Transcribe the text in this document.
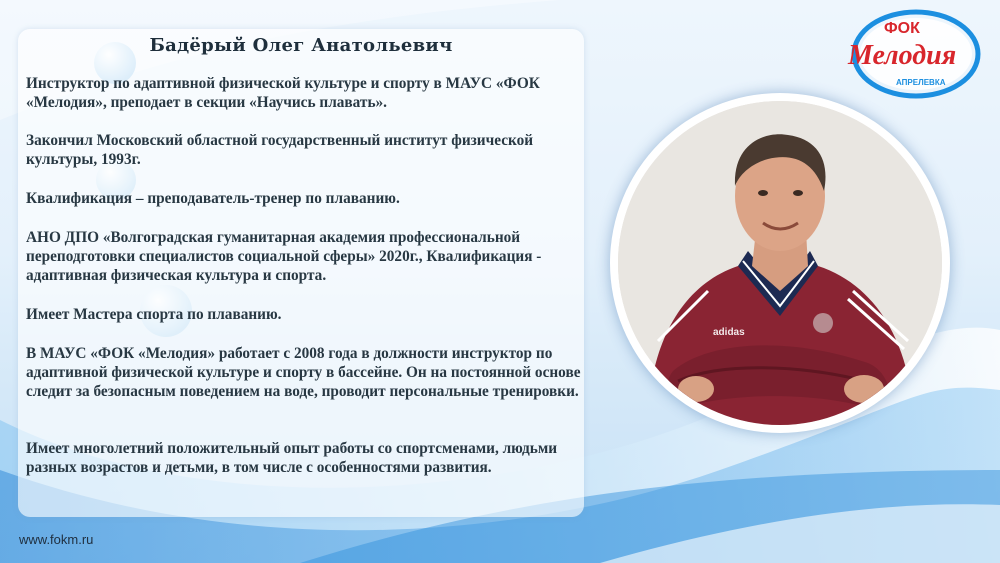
Бадёрый Олег Анатольевич

Инструктор по адаптивной физической культуре и спорту в МАУС «ФОК «Мелодия», преподает в секции «Научись плавать».

Закончил Московский областной государственный институт физической культуры, 1993г.

Квалификация – преподаватель-тренер по плаванию.

АНО ДПО «Волгоградская гуманитарная академия профессиональной переподготовки специалистов социальной сферы» 2020г., Квалификация - адаптивная физическая культура и спорта.

Имеет Мастера спорта по плаванию.

В МАУС «ФОК «Мелодия» работает с 2008 года в должности инструктор по адаптивной физической культуре и спорту в бассейне. Он на постоянной основе следит за безопасным поведением на воде, проводит персональные тренировки.

Имеет многолетний положительный опыт работы со спортсменами, людьми разных возрастов и детьми, в том числе с особенностями развития.

adidas
ФОК
Мелодия
АПРЕЛЕВКА
www.fokm.ru
